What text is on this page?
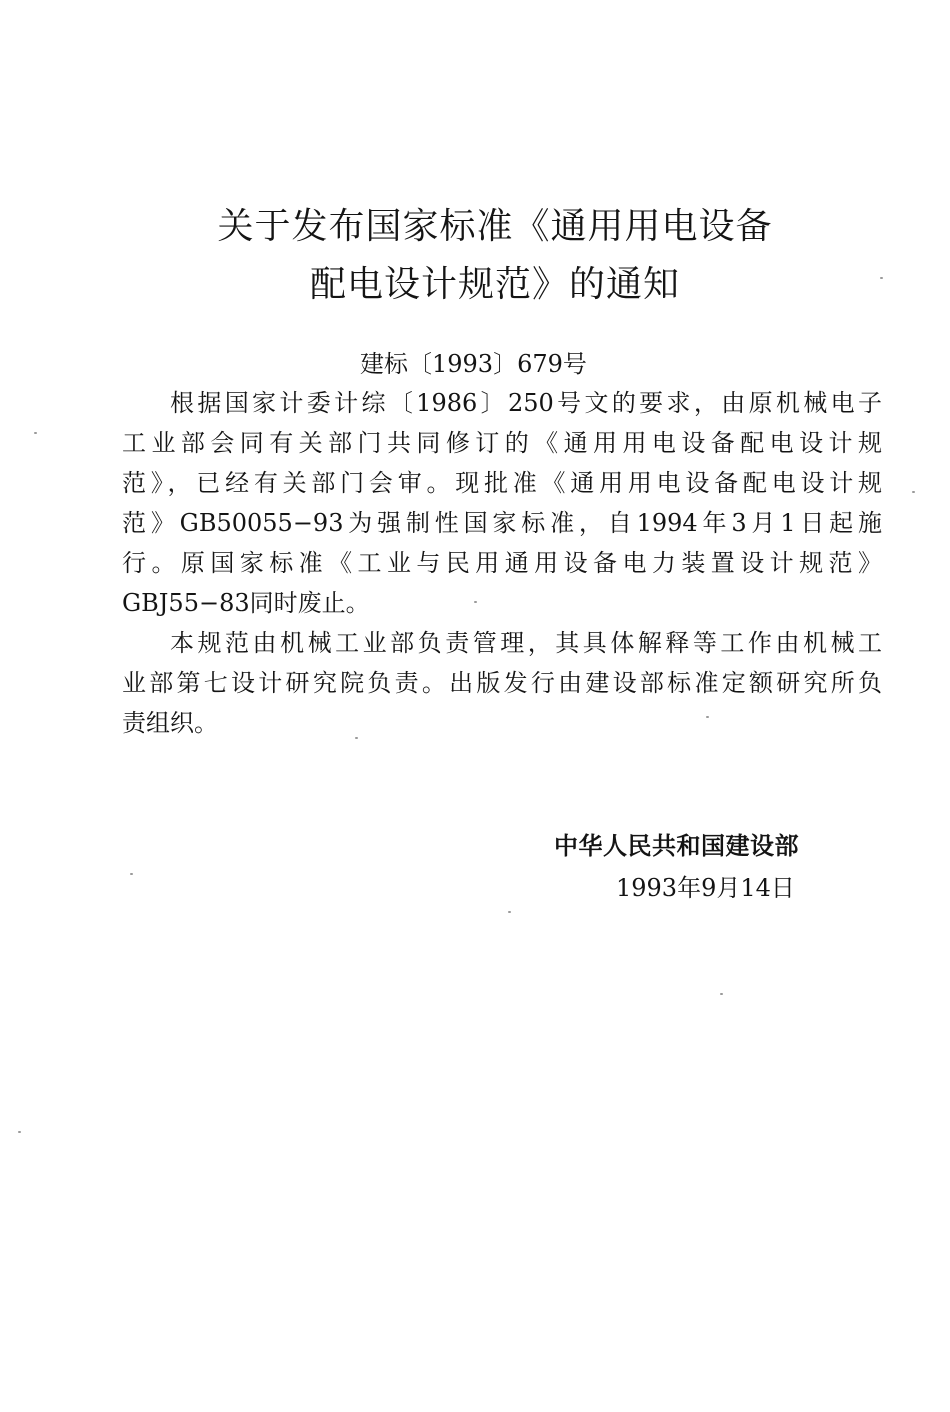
关于发布国家标准《通用用电设备
配电设计规范》的通知
建标〔1993〕679号
根据国家计委计综〔1986〕250号文的要求，由原机械电子
工业部会同有关部门共同修订的《通用用电设备配电设计规
范》，已经有关部门会审。现批准《通用用电设备配电设计规
范》GB50055−93为强制性国家标准，自1994年3月1日起施
行。原国家标准《工业与民用通用设备电力装置设计规范》
GBJ55−83同时废止。
本规范由机械工业部负责管理，其具体解释等工作由机械工
业部第七设计研究院负责。出版发行由建设部标准定额研究所负
责组织。
中华人民共和国建设部
1993年9月14日
